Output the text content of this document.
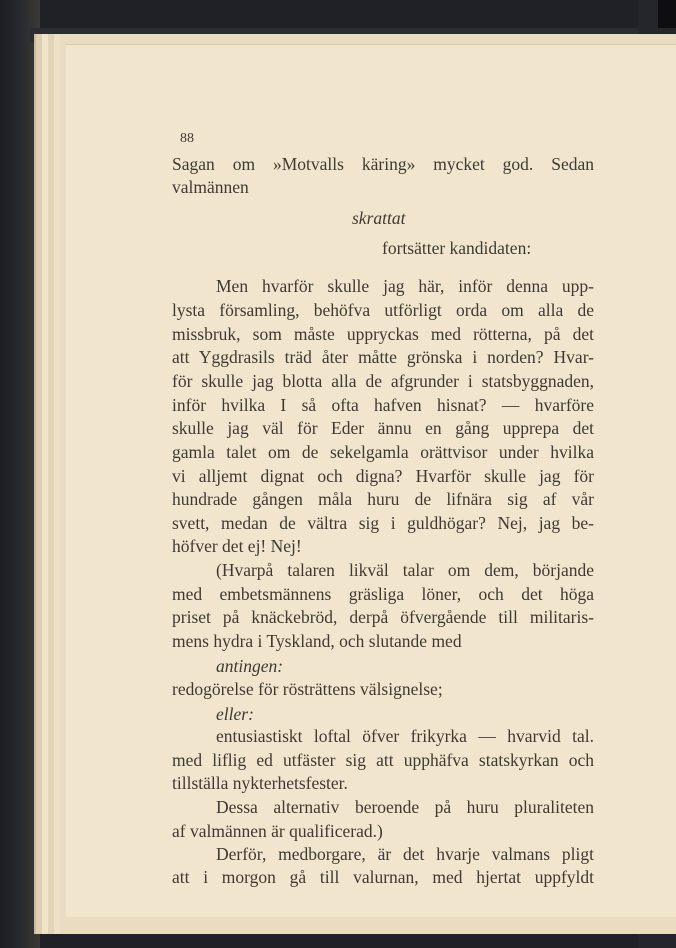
88
Sagan om »Motvalls käring» mycket god. Sedan
valmännen
skrattat
fortsätter kandidaten:
Men hvarför skulle jag här, inför denna upp-
lysta församling, behöfva utförligt orda om alla de
missbruk, som måste uppryckas med rötterna, på det
att Yggdrasils träd åter måtte grönska i norden? Hvar-
för skulle jag blotta alla de afgrunder i statsbyggnaden,
inför hvilka I så ofta hafven hisnat? — hvarföre
skulle jag väl för Eder ännu en gång upprepa det
gamla talet om de sekelgamla orättvisor under hvilka
vi alljemt dignat och digna? Hvarför skulle jag för
hundrade gången måla huru de lifnära sig af vår
svett, medan de vältra sig i guldhögar? Nej, jag be-
höfver det ej! Nej!
(Hvarpå talaren likväl talar om dem, börjande
med embetsmännens gräsliga löner, och det höga
priset på knäckebröd, derpå öfvergående till militaris-
mens hydra i Tyskland, och slutande med
antingen:
redogörelse för rösträttens välsignelse;
eller:
entusiastiskt loftal öfver frikyrka — hvarvid tal.
med liflig ed utfäster sig att upphäfva statskyrkan och
tillställa nykterhetsfester.
Dessa alternativ beroende på huru pluraliteten
af valmännen är qualificerad.)
Derför, medborgare, är det hvarje valmans pligt
att i morgon gå till valurnan, med hjertat uppfyldt
